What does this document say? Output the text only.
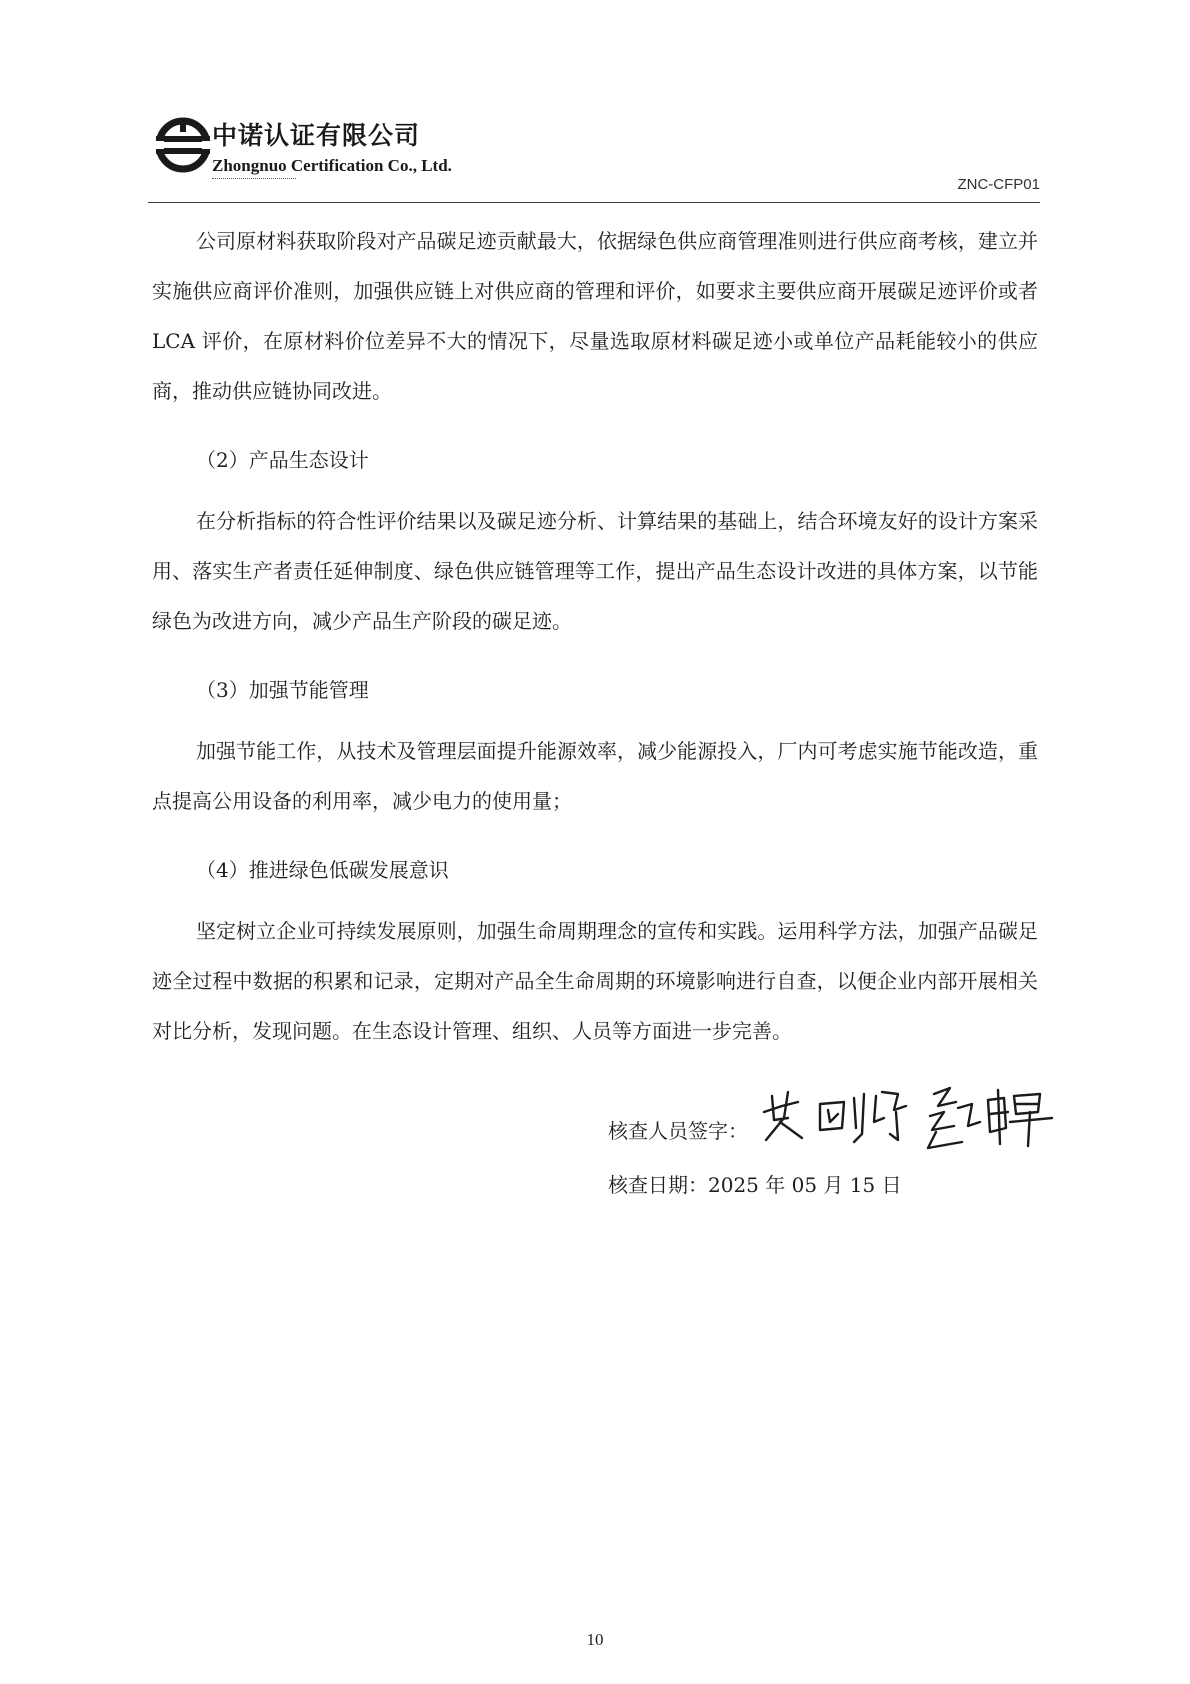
中诺认证有限公司
Zhongnuo Certification Co., Ltd.
ZNC-CFP01

公司原材料获取阶段对产品碳足迹贡献最大，依据绿色供应商管理准则进行供应商考核，建立并实施供应商评价准则，加强供应链上对供应商的管理和评价，如要求主要供应商开展碳足迹评价或者 LCA 评价，在原材料价位差异不大的情况下，尽量选取原材料碳足迹小或单位产品耗能较小的供应商，推动供应链协同改进。

（2）产品生态设计

在分析指标的符合性评价结果以及碳足迹分析、计算结果的基础上，结合环境友好的设计方案采用、落实生产者责任延伸制度、绿色供应链管理等工作，提出产品生态设计改进的具体方案，以节能绿色为改进方向，减少产品生产阶段的碳足迹。

（3）加强节能管理

加强节能工作，从技术及管理层面提升能源效率，减少能源投入，厂内可考虑实施节能改造，重点提高公用设备的利用率，减少电力的使用量；

（4）推进绿色低碳发展意识

坚定树立企业可持续发展原则，加强生命周期理念的宣传和实践。运用科学方法，加强产品碳足迹全过程中数据的积累和记录，定期对产品全生命周期的环境影响进行自查，以便企业内部开展相关对比分析，发现问题。在生态设计管理、组织、人员等方面进一步完善。

核查人员签字：
核查日期：2025 年 05 月 15 日
10
